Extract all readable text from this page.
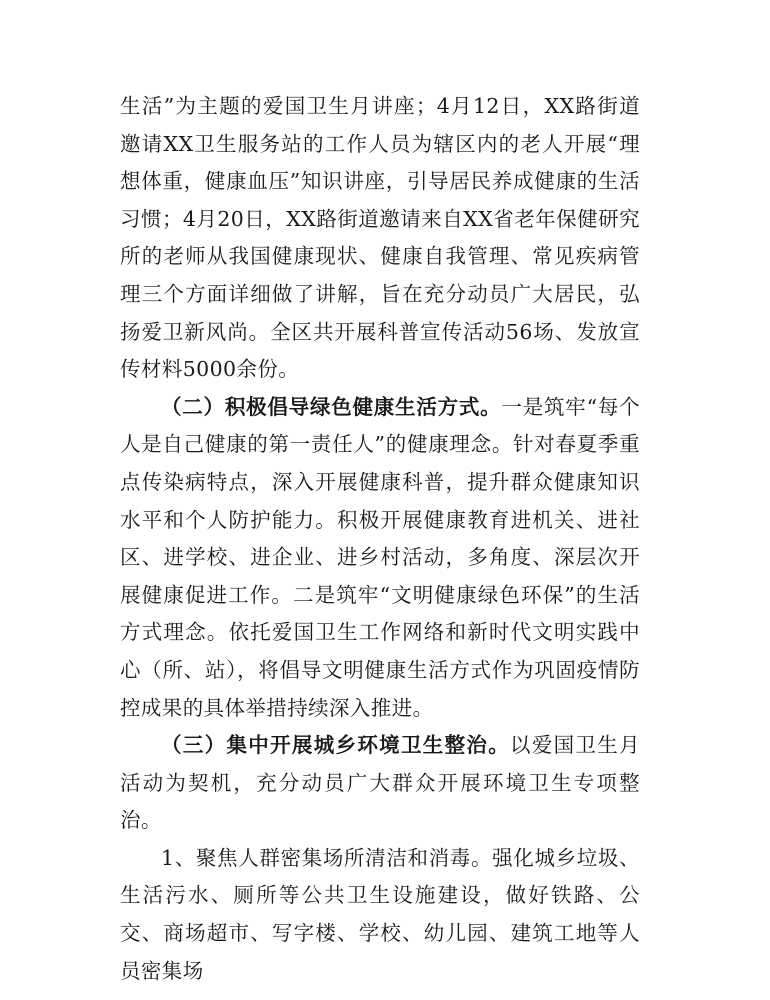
生活”为主题的爱国卫生月讲座；4月12日，XX路街道邀请XX卫生服务站的工作人员为辖区内的老人开展“理想体重，健康血压”知识讲座，引导居民养成健康的生活习惯；4月20日，XX路街道邀请来自XX省老年保健研究所的老师从我国健康现状、健康自我管理、常见疾病管理三个方面详细做了讲解，旨在充分动员广大居民，弘扬爱卫新风尚。全区共开展科普宣传活动56场、发放宣传材料5000余份。

（二）积极倡导绿色健康生活方式。一是筑牢“每个人是自己健康的第一责任人”的健康理念。针对春夏季重点传染病特点，深入开展健康科普，提升群众健康知识水平和个人防护能力。积极开展健康教育进机关、进社区、进学校、进企业、进乡村活动，多角度、深层次开展健康促进工作。二是筑牢“文明健康绿色环保”的生活方式理念。依托爱国卫生工作网络和新时代文明实践中心（所、站），将倡导文明健康生活方式作为巩固疫情防控成果的具体举措持续深入推进。

（三）集中开展城乡环境卫生整治。以爱国卫生月活动为契机，充分动员广大群众开展环境卫生专项整治。

1、聚焦人群密集场所清洁和消毒。强化城乡垃圾、生活污水、厕所等公共卫生设施建设，做好铁路、公交、商场超市、写字楼、学校、幼儿园、建筑工地等人员密集场
